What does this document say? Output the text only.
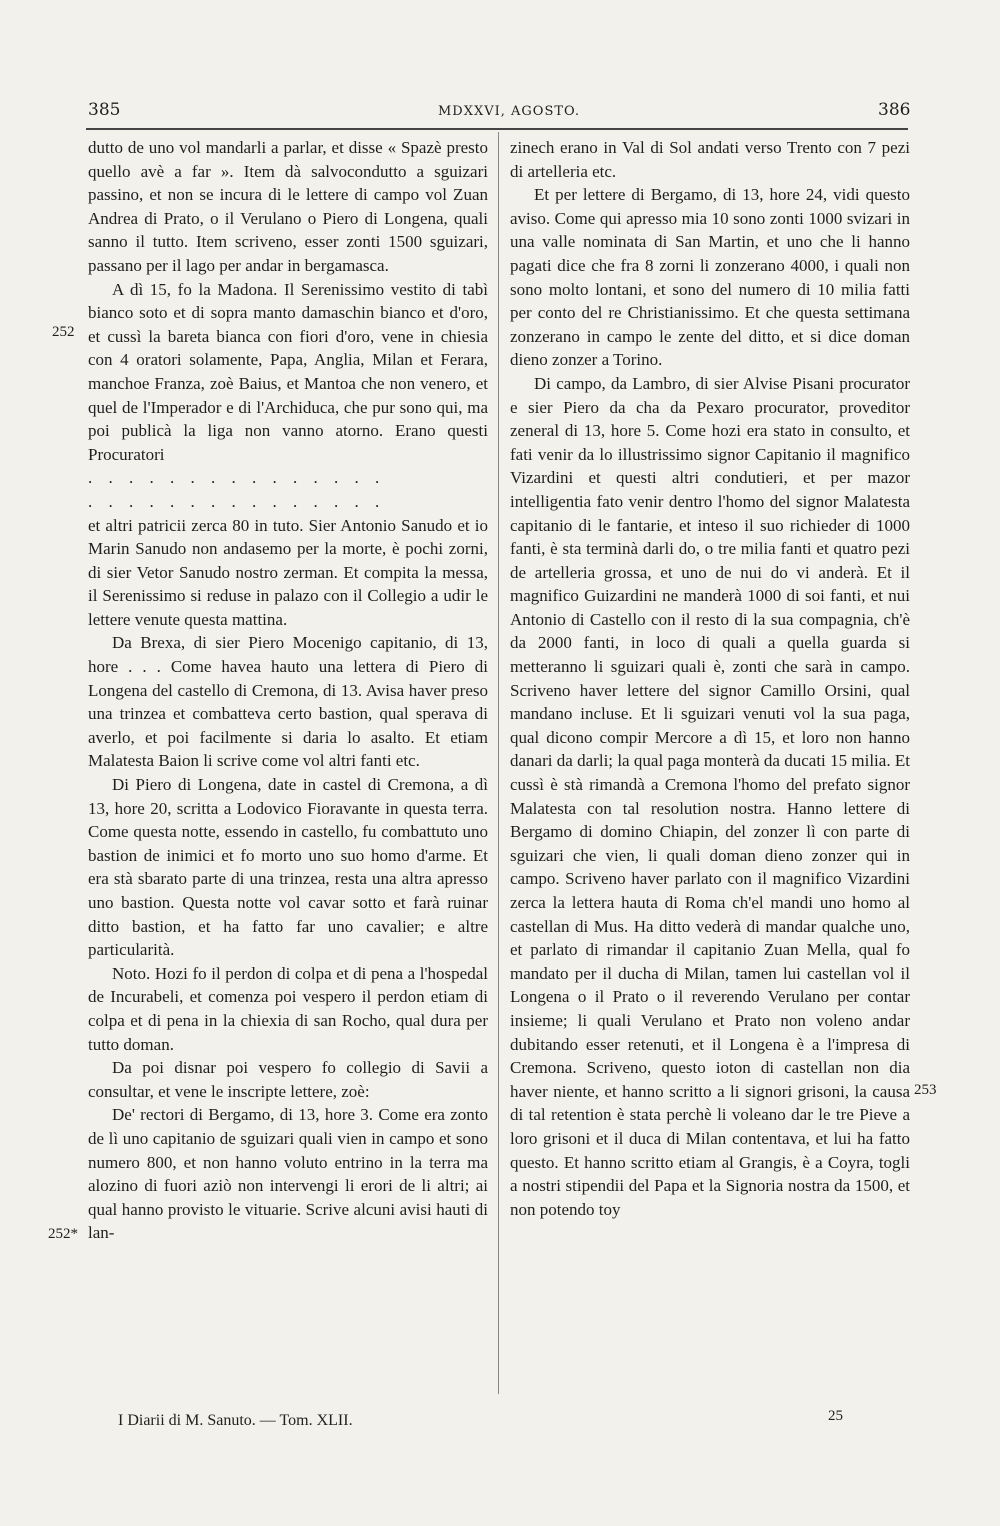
385	MDXXVI, AGOSTO.	386

dutto de uno vol mandarli a parlar, et disse « Spazè presto quello avè a far ». Item dà salvocondutto a sguizari passino, et non se incura di le lettere di campo vol Zuan Andrea di Prato, o il Verulano o Piero di Longena, quali sanno il tutto. Item scriveno, esser zonti 1500 sguizari, passano per il lago per andar in bergamasca.

A dì 15, fo la Madona. Il Serenissimo vestito di tabì bianco soto et di sopra manto damaschin bianco et d'oro, et cussì la bareta bianca con fiori d'oro, vene in chiesia con 4 oratori solamente, Papa, Anglia, Milan et Ferara, manchoe Franza, zoè Baius, et Mantoa che non venero, et quel de l'Imperador e di l'Archiduca, che pur sono qui, ma poi publicà la liga non vanno atorno. Erano questi Procuratori

. . . . . . . . . . . . . . .
. . . . . . . . . . . . . . .

et altri patricii zerca 80 in tuto. Sier Antonio Sanudo et io Marin Sanudo non andasemo per la morte, è pochi zorni, di sier Vetor Sanudo nostro zerman. Et compita la messa, il Serenissimo si reduse in palazo con il Collegio a udir le lettere venute questa mattina.

Da Brexa, di sier Piero Mocenigo capitanio, di 13, hore . . . Come havea hauto una lettera di Piero di Longena del castello di Cremona, di 13. Avisa haver preso una trinzea et combatteva certo bastion, qual sperava di averlo, et poi facilmente si daria lo asalto. Et etiam Malatesta Baion li scrive come vol altri fanti etc.

Di Piero di Longena, date in castel di Cremona, a dì 13, hore 20, scritta a Lodovico Fioravante in questa terra. Come questa notte, essendo in castello, fu combattuto uno bastion de inimici et fo morto uno suo homo d'arme. Et era stà sbarato parte di una trinzea, resta una altra apresso uno bastion. Questa notte vol cavar sotto et farà ruinar ditto bastion, et ha fatto far uno cavalier; e altre particularità.

Noto. Hozi fo il perdon di colpa et di pena a l'hospedal de Incurabeli, et comenza poi vespero il perdon etiam di colpa et di pena in la chiexia di san Rocho, qual dura per tutto doman.

Da poi disnar poi vespero fo collegio di Savii a consultar, et vene le inscripte lettere, zoè:

De' rectori di Bergamo, di 13, hore 3. Come era zonto de lì uno capitanio de sguizari quali vien in campo et sono numero 800, et non hanno voluto entrino in la terra ma alozino di fuori aziò non intervengi li erori de li altri; ai qual hanno provisto le vituarie. Scrive alcuni avisi hauti di lan-

zinech erano in Val di Sol andati verso Trento con 7 pezi di artelleria etc.

Et per lettere di Bergamo, di 13, hore 24, vidi questo aviso. Come qui apresso mia 10 sono zonti 1000 svizari in una valle nominata di San Martin, et uno che li hanno pagati dice che fra 8 zorni li zonzerano 4000, i quali non sono molto lontani, et sono del numero di 10 milia fatti per conto del re Christianissimo. Et che questa settimana zonzerano in campo le zente del ditto, et si dice doman dieno zonzer a Torino.

Di campo, da Lambro, di sier Alvise Pisani procurator e sier Piero da cha da Pexaro procurator, proveditor zeneral di 13, hore 5. Come hozi era stato in consulto, et fati venir da lo illustrissimo signor Capitanio il magnifico Vizardini et questi altri condutieri, et per mazor intelligentia fato venir dentro l'homo del signor Malatesta capitanio di le fantarie, et inteso il suo richieder di 1000 fanti, è sta terminà darli do, o tre milia fanti et quatro pezi de artelleria grossa, et uno de nui do vi anderà. Et il magnifico Guizardini ne manderà 1000 di soi fanti, et nui Antonio di Castello con il resto di la sua compagnia, ch'è da 2000 fanti, in loco di quali a quella guarda si metteranno li sguizari quali è, zonti che sarà in campo. Scriveno haver lettere del signor Camillo Orsini, qual mandano incluse. Et li sguizari venuti vol la sua paga, qual dicono compir Mercore a dì 15, et loro non hanno danari da darli; la qual paga monterà da ducati 15 milia. Et cussì è stà rimandà a Cremona l'homo del prefato signor Malatesta con tal resolution nostra. Hanno lettere di Bergamo di domino Chiapin, del zonzer lì con parte di sguizari che vien, li quali doman dieno zonzer qui in campo. Scriveno haver parlato con il magnifico Vizardini zerca la lettera hauta di Roma ch'el mandi uno homo al castellan di Mus. Ha ditto vederà di mandar qualche uno, et parlato di rimandar il capitanio Zuan Mella, qual fo mandato per il ducha di Milan, tamen lui castellan vol il Longena o il Prato o il reverendo Verulano per contar insieme; li quali Verulano et Prato non voleno andar dubitando esser retenuti, et il Longena è a l'impresa di Cremona. Scriveno, questo ioton di castellan non dia haver niente, et hanno scritto a li signori grisoni, la causa di tal retention è stata perchè li voleano dar le tre Pieve a loro grisoni et il duca di Milan contentava, et lui ha fatto questo. Et hanno scritto etiam al Grangis, è a Coyra, togli a nostri stipendii del Papa et la Signoria nostra da 1500, et non potendo toy

252
252*
253
I Diarii di M. Sanuto. — Tom. XLII.	25
